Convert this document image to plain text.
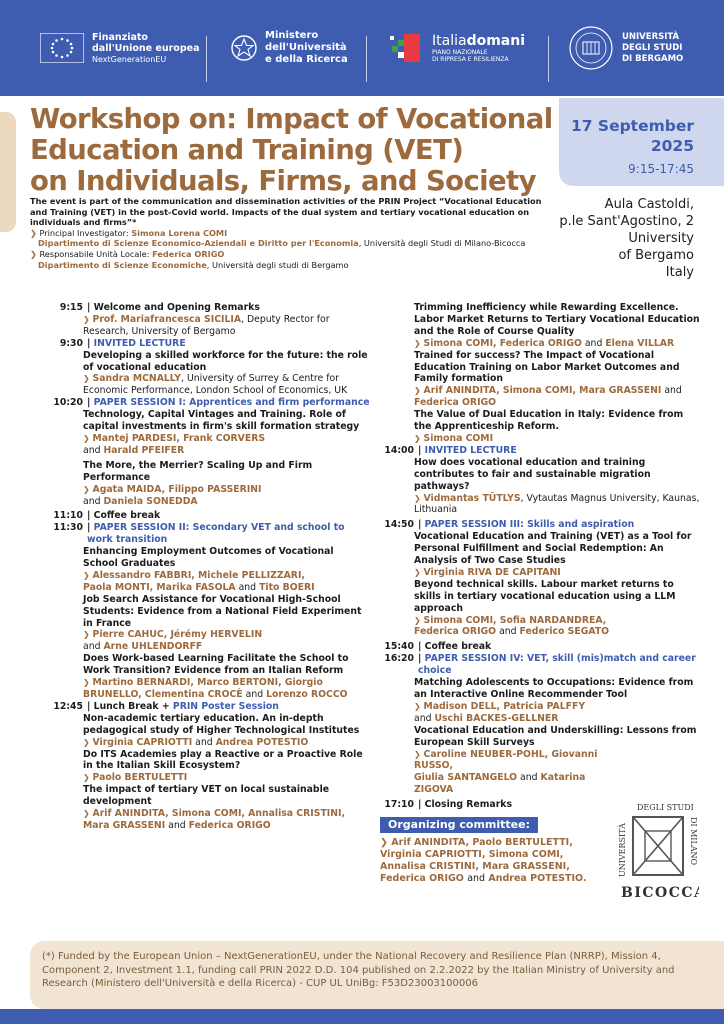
Finanziato
dall'Unione europea
NextGenerationEU
Ministero
dell'Università
e della Ricerca
Italiadomani
PIANO NAZIONALE
DI RIPRESA E RESILIENZA
UNIVERSITÀ
DEGLI STUDI
DI BERGAMO
Workshop on: Impact of Vocational
Education and Training (VET)
on Individuals, Firms, and Society
17 September
2025
9:15-17:45
Aula Castoldi,
p.le Sant'Agostino, 2
University
of Bergamo
Italy
The event is part of the communication and dissemination activities of the PRIN Project “Vocational Education and Training (VET) in the post-Covid world. Impacts of the dual system and tertiary vocational education on individuals and firms”*
❯ Principal Investigator: Simona Lorena COMI
Dipartimento di Scienze Economico-Aziendali e Diritto per l'Economia, Università degli Studi di Milano-Bicocca
❯ Responsabile Unità Locale: Federica ORIGO
Dipartimento di Scienze Economiche, Università degli studi di Bergamo
9:15 | Welcome and Opening Remarks
❯ Prof. Mariafrancesca SICILIA, Deputy Rector for Research, University of Bergamo
9:30 | INVITED LECTURE
Developing a skilled workforce for the future: the role of vocational education
❯ Sandra MCNALLY, University of Surrey & Centre for Economic Performance, London School of Economics, UK
10:20 | PAPER SESSION I: Apprentices and firm performance
Technology, Capital Vintages and Training. Role of capital investments in firm's skill formation strategy
❯ Mantej PARDESI, Frank CORVERS
and Harald PFEIFER
The More, the Merrier? Scaling Up and Firm Performance
❯ Agata MAIDA, Filippo PASSERINI
and Daniela SONEDDA
11:10 | Coffee break
11:30 | PAPER SESSION II: Secondary VET and school to work transition
Enhancing Employment Outcomes of Vocational School Graduates
❯ Alessandro FABBRI, Michele PELLIZZARI,
Paola MONTI, Marika FASOLA and Tito BOERI
Job Search Assistance for Vocational High-School Students: Evidence from a National Field Experiment in France
❯ Pierre CAHUC, Jérémy HERVELIN
and Arne UHLENDORFF
Does Work-based Learning Facilitate the School to Work Transition? Evidence from an Italian Reform
❯ Martino BERNARDI, Marco BERTONI, Giorgio BRUNELLO, Clementina CROCÈ and Lorenzo ROCCO
12:45 | Lunch Break + PRIN Poster Session
Non-academic tertiary education. An in-depth pedagogical study of Higher Technological Institutes
❯ Virginia CAPRIOTTI and Andrea POTESTIO
Do ITS Academies play a Reactive or a Proactive Role in the Italian Skill Ecosystem?
❯ Paolo BERTULETTI
The impact of tertiary VET on local sustainable development
❯ Arif ANINDITA, Simona COMI, Annalisa CRISTINI,
Mara GRASSENI and Federica ORIGO
Trimming Inefficiency while Rewarding Excellence. Labor Market Returns to Tertiary Vocational Education and the Role of Course Quality
❯ Simona COMI, Federica ORIGO and Elena VILLAR
Trained for success? The Impact of Vocational Education Training on Labor Market Outcomes and Family formation
❯ Arif ANINDITA, Simona COMI, Mara GRASSENI and
Federica ORIGO
The Value of Dual Education in Italy: Evidence from the Apprenticeship Reform.
❯ Simona COMI
14:00 | INVITED LECTURE
How does vocational education and training contributes to fair and sustainable migration pathways?
❯ Vidmantas TŪTLYS, Vytautas Magnus University, Kaunas, Lithuania
14:50 | PAPER SESSION III: Skills and aspiration
Vocational Education and Training (VET) as a Tool for Personal Fulfillment and Social Redemption: An Analysis of Two Case Studies
❯ Virginia RIVA DE CAPITANI
Beyond technical skills. Labour market returns to skills in tertiary vocational education using a LLM approach
❯ Simona COMI, Sofia NARDANDREA,
Federica ORIGO and Federico SEGATO
15:40 | Coffee break
16:20 | PAPER SESSION IV: VET, skill (mis)match and career choice
Matching Adolescents to Occupations: Evidence from an Interactive Online Recommender Tool
❯ Madison DELL, Patricia PALFFY
and Uschi BACKES-GELLNER
Vocational Education and Underskilling: Lessons from European Skill Surveys
❯ Caroline NEUBER-POHL, Giovanni RUSSO,
Giulia SANTANGELO and Katarina ZIGOVA
17:10 | Closing Remarks
Organizing committee:
❯ Arif ANINDITA, Paolo BERTULETTI,
Virginia CAPRIOTTI, Simona COMI,
Annalisa CRISTINI, Mara GRASSENI,
Federica ORIGO and Andrea POTESTIO.
UNIVERSITÀ
DEGLI STUDI
DI MILANO
BICOCCA
(*) Funded by the European Union – NextGenerationEU, under the National Recovery and Resilience Plan (NRRP), Mission 4, Component 2, Investment 1.1, funding call PRIN 2022 D.D. 104 published on 2.2.2022 by the Italian Ministry of University and Research (Ministero dell'Università e della Ricerca) - CUP UL UniBg: F53D23003100006
